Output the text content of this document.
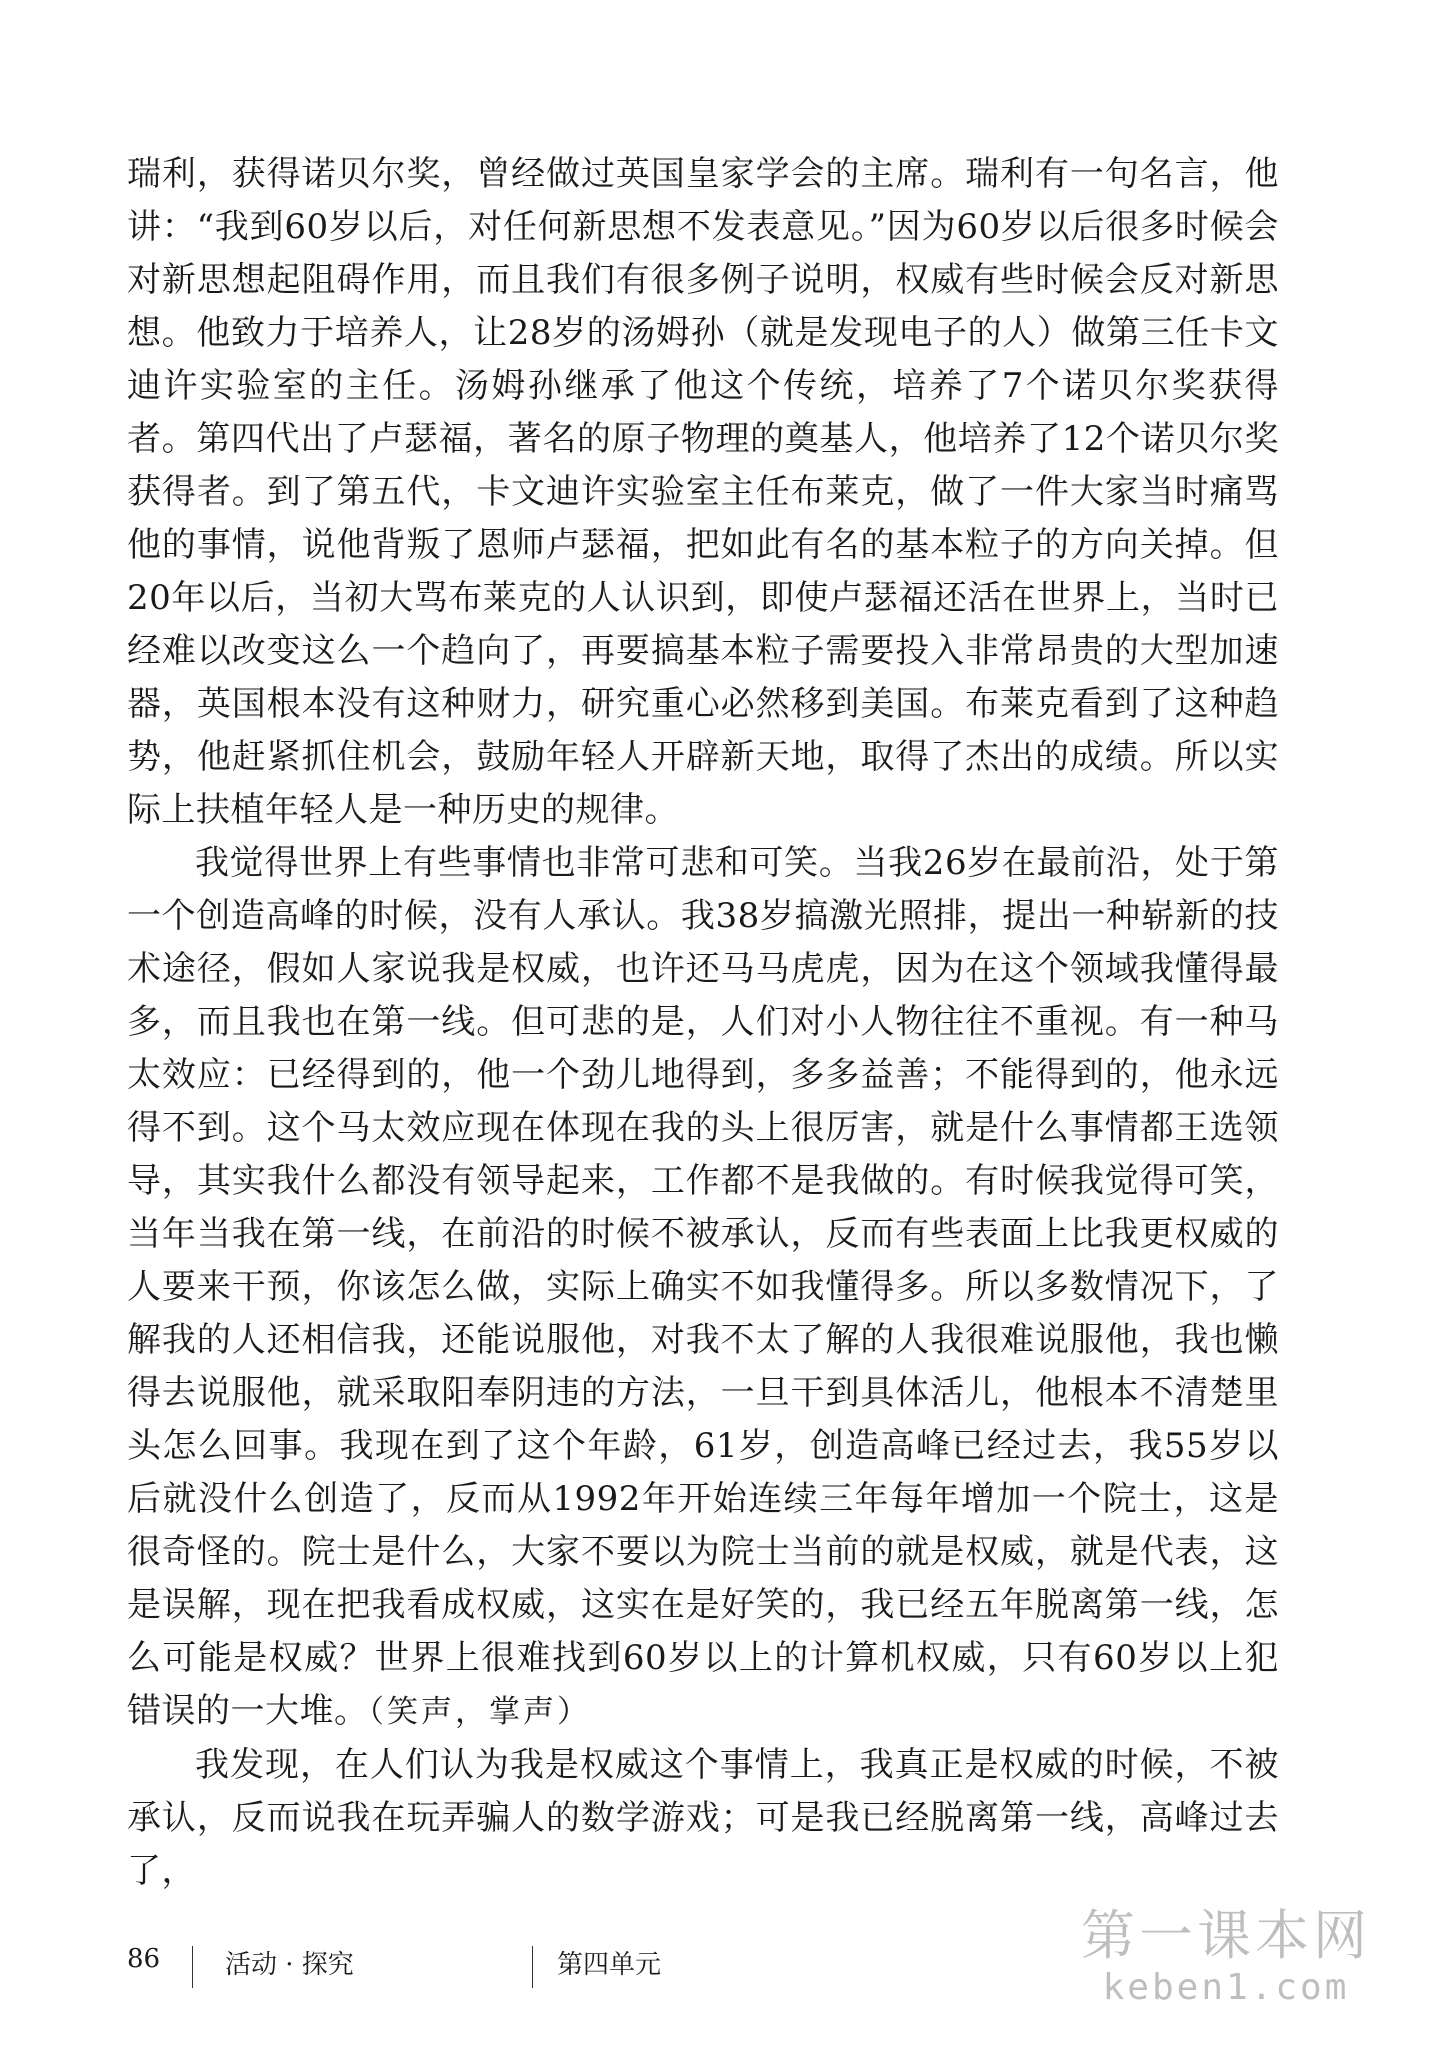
瑞利，获得诺贝尔奖，曾经做过英国皇家学会的主席。瑞利有一句名言，他讲：“我到60岁以后，对任何新思想不发表意见。”因为60岁以后很多时候会对新思想起阻碍作用，而且我们有很多例子说明，权威有些时候会反对新思想。他致力于培养人，让28岁的汤姆孙（就是发现电子的人）做第三任卡文迪许实验室的主任。汤姆孙继承了他这个传统，培养了7个诺贝尔奖获得者。第四代出了卢瑟福，著名的原子物理的奠基人，他培养了12个诺贝尔奖获得者。到了第五代，卡文迪许实验室主任布莱克，做了一件大家当时痛骂他的事情，说他背叛了恩师卢瑟福，把如此有名的基本粒子的方向关掉。但20年以后，当初大骂布莱克的人认识到，即使卢瑟福还活在世界上，当时已经难以改变这么一个趋向了，再要搞基本粒子需要投入非常昂贵的大型加速器，英国根本没有这种财力，研究重心必然移到美国。布莱克看到了这种趋势，他赶紧抓住机会，鼓励年轻人开辟新天地，取得了杰出的成绩。所以实际上扶植年轻人是一种历史的规律。

我觉得世界上有些事情也非常可悲和可笑。当我26岁在最前沿，处于第一个创造高峰的时候，没有人承认。我38岁搞激光照排，提出一种崭新的技术途径，假如人家说我是权威，也许还马马虎虎，因为在这个领域我懂得最多，而且我也在第一线。但可悲的是，人们对小人物往往不重视。有一种马太效应：已经得到的，他一个劲儿地得到，多多益善；不能得到的，他永远得不到。这个马太效应现在体现在我的头上很厉害，就是什么事情都王选领导，其实我什么都没有领导起来，工作都不是我做的。有时候我觉得可笑，当年当我在第一线，在前沿的时候不被承认，反而有些表面上比我更权威的人要来干预，你该怎么做，实际上确实不如我懂得多。所以多数情况下，了解我的人还相信我，还能说服他，对我不太了解的人我很难说服他，我也懒得去说服他，就采取阳奉阴违的方法，一旦干到具体活儿，他根本不清楚里头怎么回事。我现在到了这个年龄，61岁，创造高峰已经过去，我55岁以后就没什么创造了，反而从1992年开始连续三年每年增加一个院士，这是很奇怪的。院士是什么，大家不要以为院士当前的就是权威，就是代表，这是误解，现在把我看成权威，这实在是好笑的，我已经五年脱离第一线，怎么可能是权威？世界上很难找到60岁以上的计算机权威，只有60岁以上犯错误的一大堆。（笑声，掌声）

我发现，在人们认为我是权威这个事情上，我真正是权威的时候，不被承认，反而说我在玩弄骗人的数学游戏；可是我已经脱离第一线，高峰过去了，

86 活动 · 探究	第四单元	第一课本网
keben1.com
